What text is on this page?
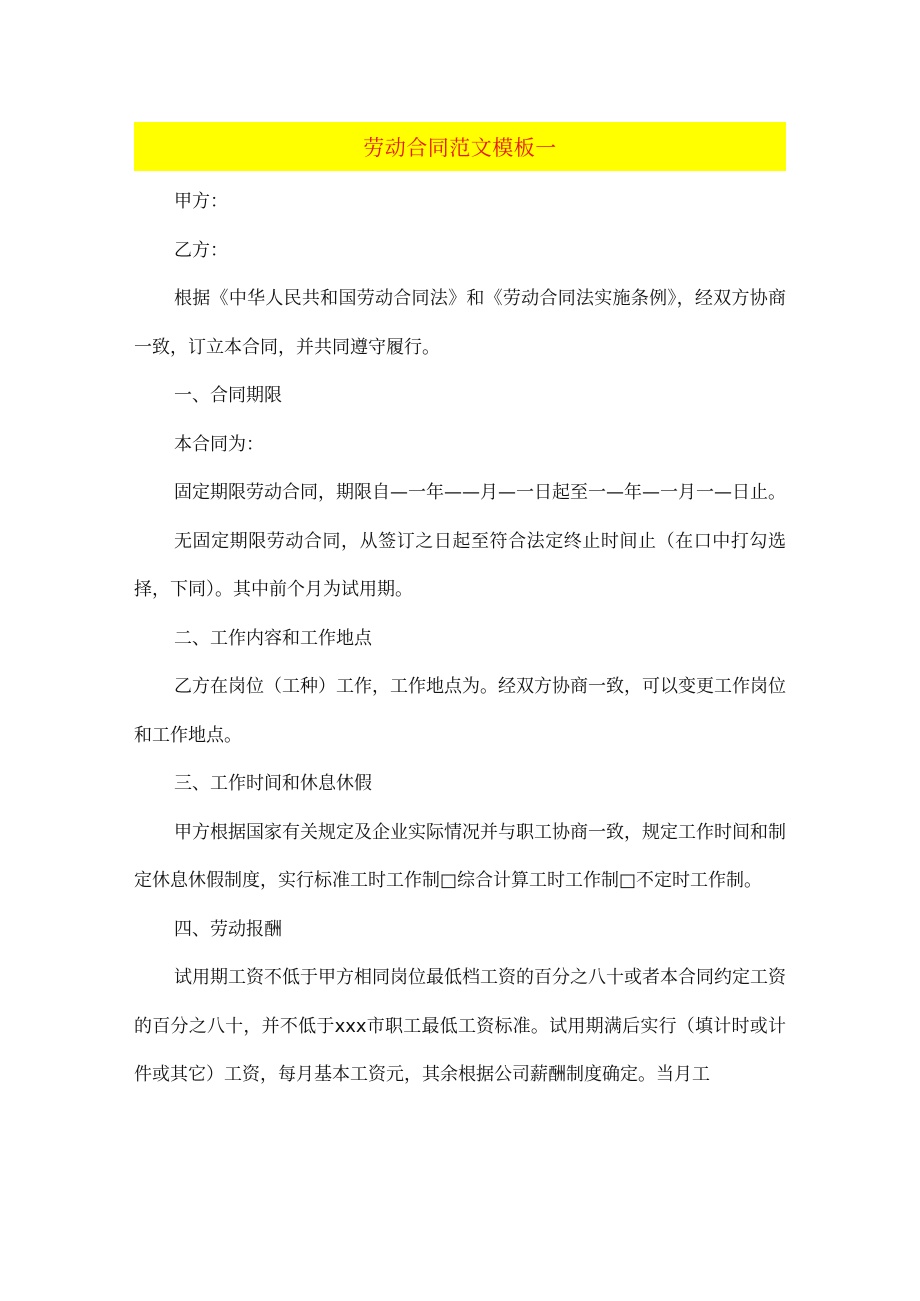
劳动合同范文模板一

甲方：

乙方：

根据《中华人民共和国劳动合同法》和《劳动合同法实施条例》，经双方协商一致，订立本合同，并共同遵守履行。

一、合同期限

本合同为：

固定期限劳动合同，期限自—一年——月—一日起至一—年—一月一—日止。

无固定期限劳动合同，从签订之日起至符合法定终止时间止（在口中打勾选择，下同）。其中前个月为试用期。

二、工作内容和工作地点

乙方在岗位（工种）工作，工作地点为。经双方协商一致，可以变更工作岗位和工作地点。

三、工作时间和休息休假

甲方根据国家有关规定及企业实际情况并与职工协商一致，规定工作时间和制定休息休假制度，实行标准工时工作制□综合计算工时工作制□不定时工作制。

四、劳动报酬

试用期工资不低于甲方相同岗位最低档工资的百分之八十或者本合同约定工资的百分之八十，并不低于xxx市职工最低工资标准。试用期满后实行（填计时或计件或其它）工资，每月基本工资元，其余根据公司薪酬制度确定。当月工
